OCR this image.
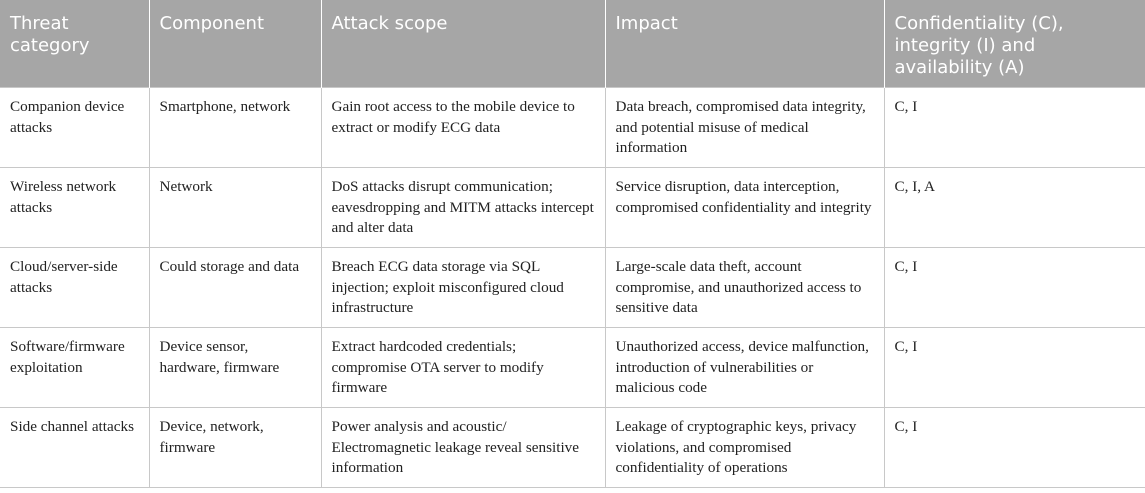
Threat category	Component	Attack scope	Impact	Confidentiality (C), integrity (I) and availability (A)
Companion device attacks	Smartphone, network	Gain root access to the mobile device to extract or modify ECG data	Data breach, compromised data integrity, and potential misuse of medical information	C, I
Wireless network attacks	Network	DoS attacks disrupt communication; eavesdropping and MITM attacks intercept and alter data	Service disruption, data interception, compromised confidentiality and integrity	C, I, A
Cloud/server-side attacks	Could storage and data	Breach ECG data storage via SQL injection; exploit misconfigured cloud infrastructure	Large-scale data theft, account compromise, and unauthorized access to sensitive data	C, I
Software/firmware exploitation	Device sensor, hardware, firmware	Extract hardcoded credentials; compromise OTA server to modify firmware	Unauthorized access, device malfunction, introduction of vulnerabilities or malicious code	C, I
Side channel attacks	Device, network, firmware	Power analysis and acoustic/ Electromagnetic leakage reveal sensitive information	Leakage of cryptographic keys, privacy violations, and compromised confidentiality of operations	C, I
